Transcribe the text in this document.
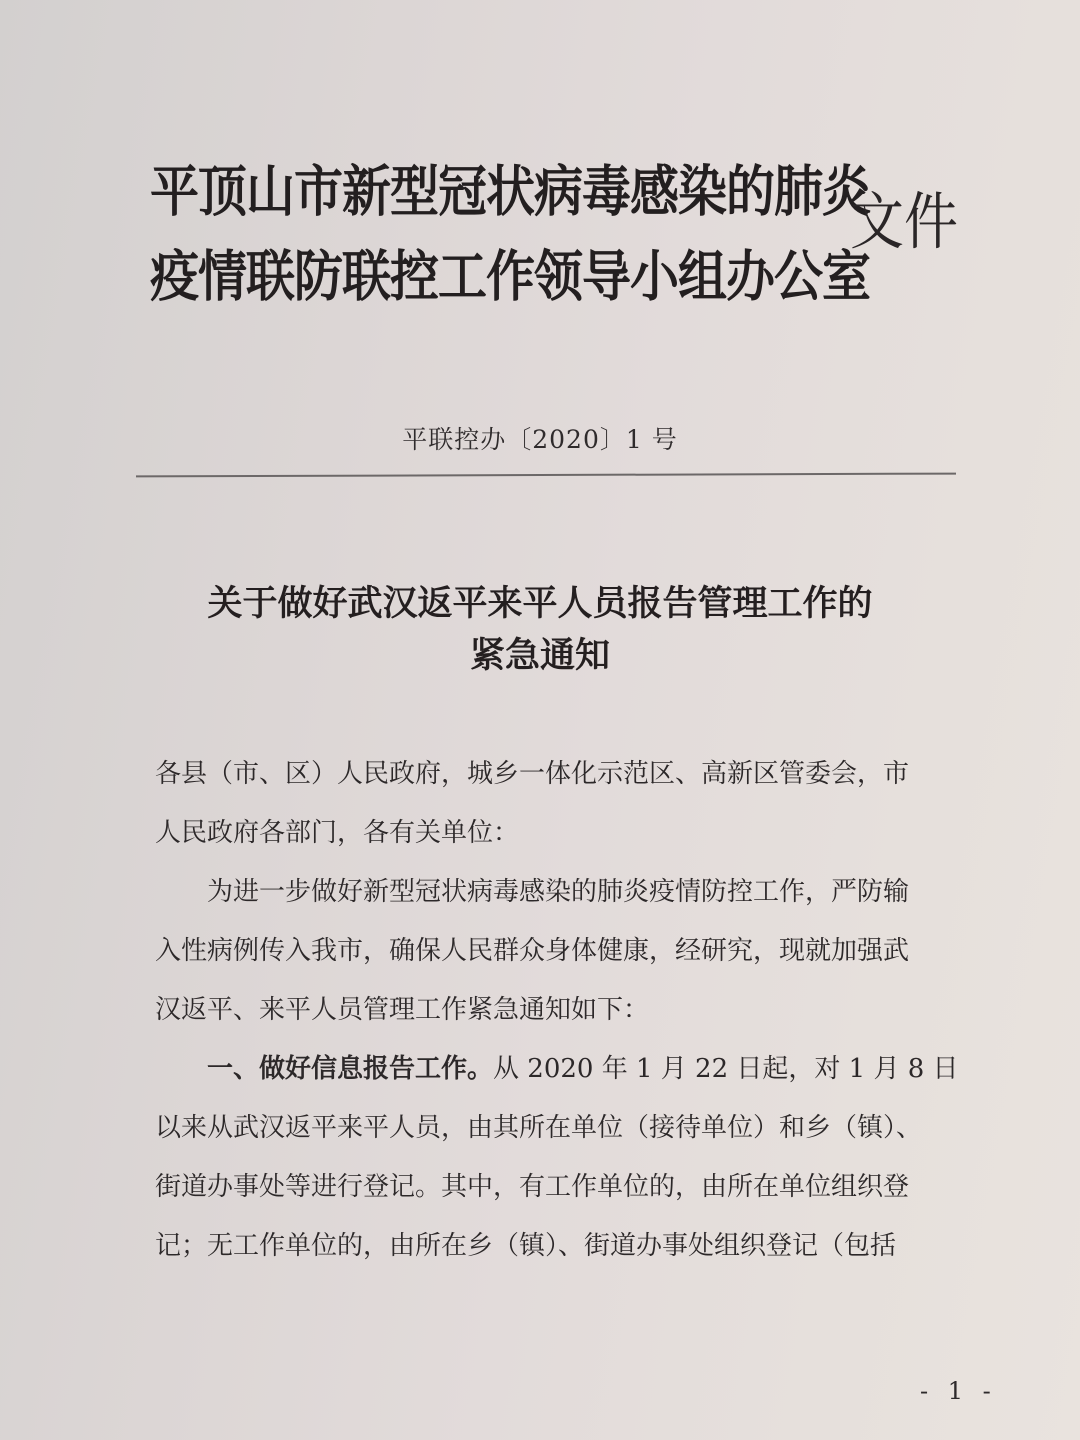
平顶山市新型冠状病毒感染的肺炎
疫情联防联控工作领导小组办公室
文件
平联控办〔2020〕1 号
关于做好武汉返平来平人员报告管理工作的
紧急通知
各县（市、区）人民政府，城乡一体化示范区、高新区管委会，市
人民政府各部门，各有关单位：
为进一步做好新型冠状病毒感染的肺炎疫情防控工作，严防输
入性病例传入我市，确保人民群众身体健康，经研究，现就加强武
汉返平、来平人员管理工作紧急通知如下：
一、做好信息报告工作。从 2020 年 1 月 22 日起，对 1 月 8 日
以来从武汉返平来平人员，由其所在单位（接待单位）和乡（镇）、
街道办事处等进行登记。其中，有工作单位的，由所在单位组织登
记；无工作单位的，由所在乡（镇）、街道办事处组织登记（包括
- 1 -
